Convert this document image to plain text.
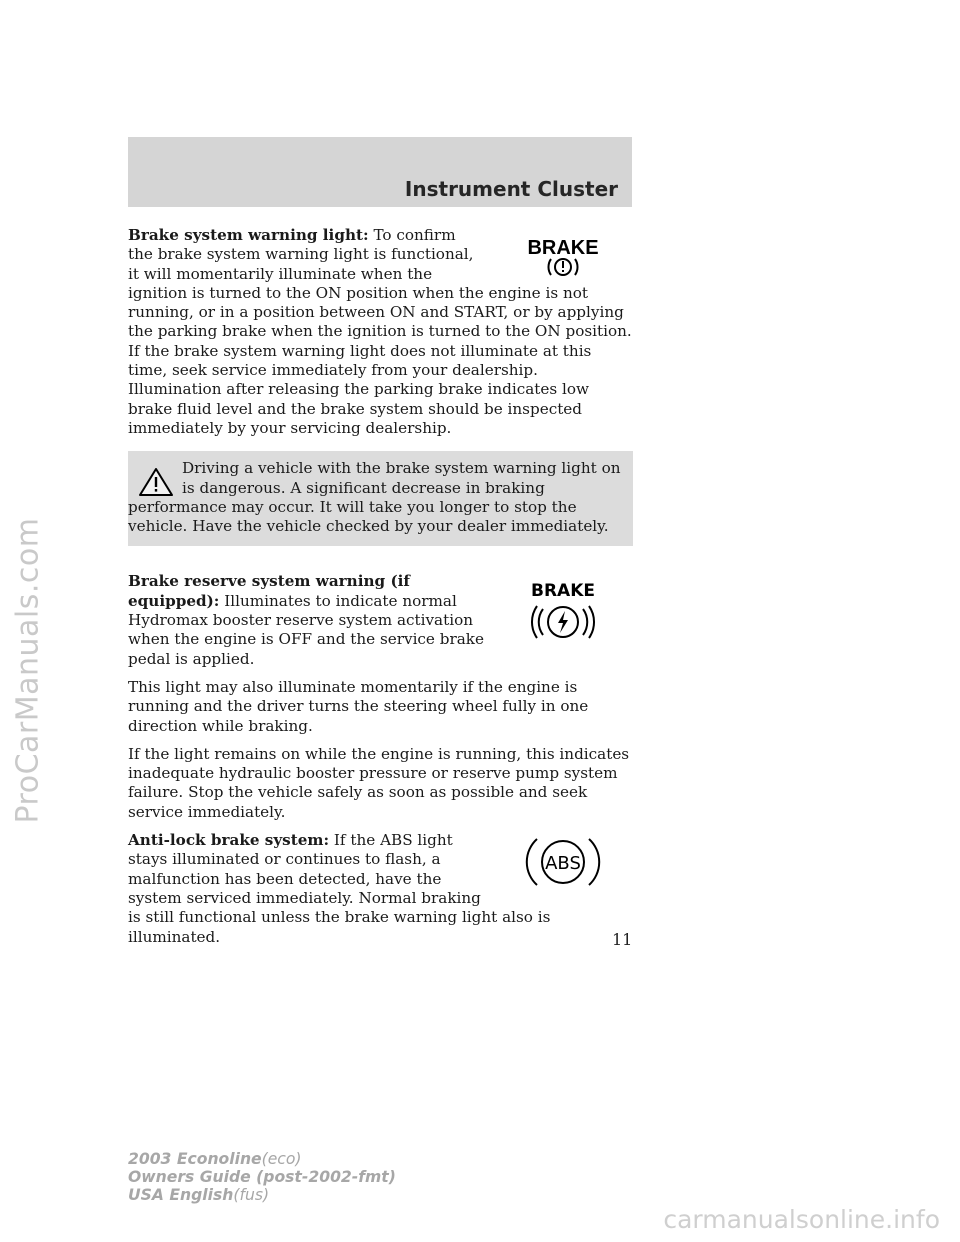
ProCarManuals.com
Instrument Cluster

BRAKE
Brake system warning light: To confirm the brake system warning light is functional, it will momentarily illuminate when the ignition is turned to the ON position when the engine is not running, or in a position between ON and START, or by applying the parking brake when the ignition is turned to the ON position. If the brake system warning light does not illuminate at this time, seek service immediately from your dealership. Illumination after releasing the parking brake indicates low brake fluid level and the brake system should be inspected immediately by your servicing dealership.

Driving a vehicle with the brake system warning light on is dangerous. A significant decrease in braking performance may occur. It will take you longer to stop the vehicle. Have the vehicle checked by your dealer immediately.

BRAKE
Brake reserve system warning (if equipped): Illuminates to indicate normal Hydromax booster reserve system activation when the engine is OFF and the service brake pedal is applied.

This light may also illuminate momentarily if the engine is running and the driver turns the steering wheel fully in one direction while braking.

If the light remains on while the engine is running, this indicates inadequate hydraulic booster pressure or reserve pump system failure. Stop the vehicle safely as soon as possible and seek service immediately.

ABS
Anti-lock brake system: If the ABS light stays illuminated or continues to flash, a malfunction has been detected, have the system serviced immediately. Normal braking is still functional unless the brake warning light also is illuminated.	11
2003 Econoline(eco)
Owners Guide (post-2002-fmt)
USA English(fus)
carmanualsonline.info
